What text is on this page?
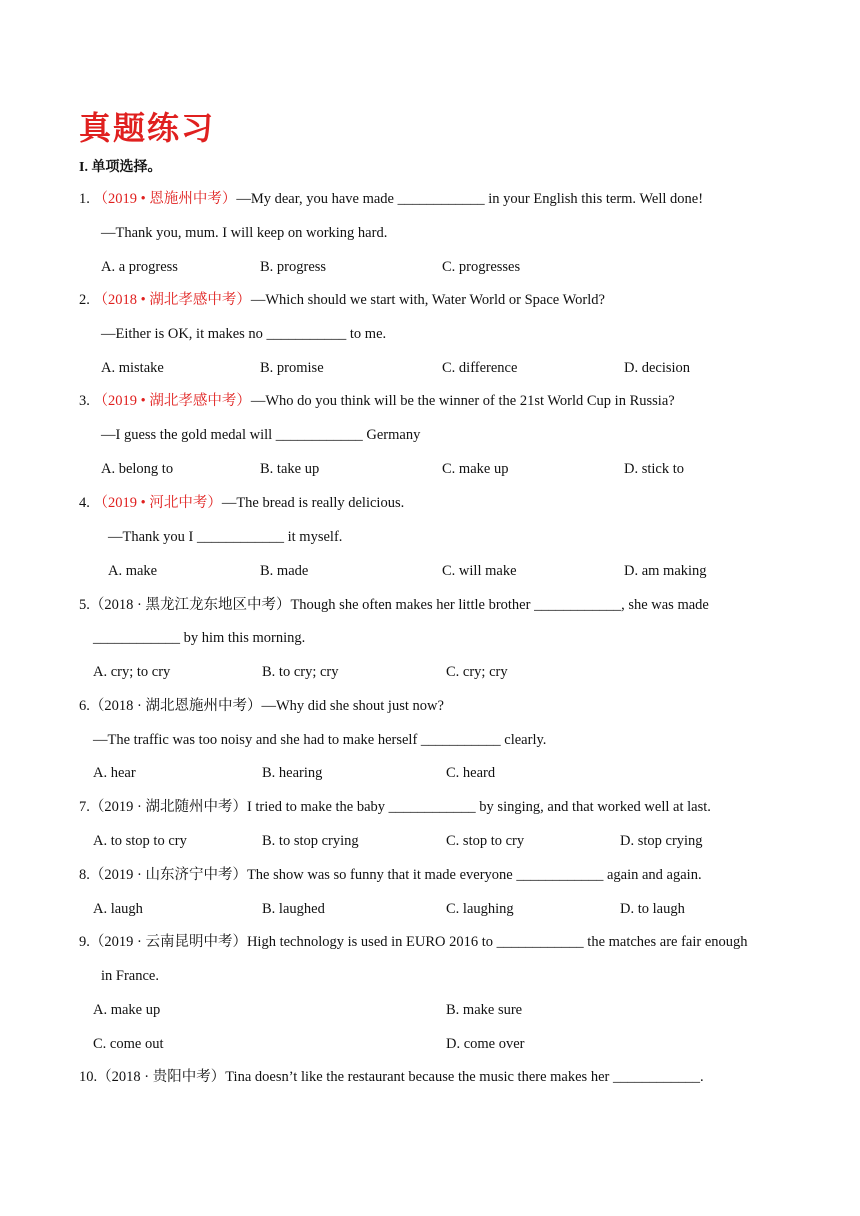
真题练习
I. 单项选择。
1. （2019 • 恩施州中考）—My dear, you have made ____________ in your English this term. Well done!
—Thank you, mum. I will keep on working hard.
A. a progress	B. progress	C. progresses
2. （2018 • 湖北孝感中考）—Which should we start with, Water World or Space World?
—Either is OK, it makes no ___________ to me.
A. mistake	B. promise	C. difference	D. decision
3. （2019 • 湖北孝感中考）—Who do you think will be the winner of the 21st World Cup in Russia?
—I guess the gold medal will ____________ Germany
A. belong to	B. take up	C. make up	D. stick to
4. （2019 • 河北中考）—The bread is really delicious.
—Thank you I ____________ it myself.
A. make	B. made	C. will make	D. am making
5.（2018 · 黑龙江龙东地区中考）Though she often makes her little brother ____________, she was made
____________ by him this morning.
A. cry; to cry	B. to cry; cry	C. cry; cry
6.（2018 · 湖北恩施州中考）—Why did she shout just now?
—The traffic was too noisy and she had to make herself ___________ clearly.
A. hear	B. hearing	C. heard
7.（2019 · 湖北随州中考）I tried to make the baby ____________ by singing, and that worked well at last.
A. to stop to cry	B. to stop crying	C. stop to cry	D. stop crying
8.（2019 · 山东济宁中考）The show was so funny that it made everyone ____________ again and again.
A. laugh	B. laughed	C. laughing	D. to laugh
9.（2019 · 云南昆明中考）High technology is used in EURO 2016 to ____________ the matches are fair enough
in France.
A. make up	B. make sure
C. come out	D. come over
10.（2018 · 贵阳中考）Tina doesn’t like the restaurant because the music there makes her ____________.
